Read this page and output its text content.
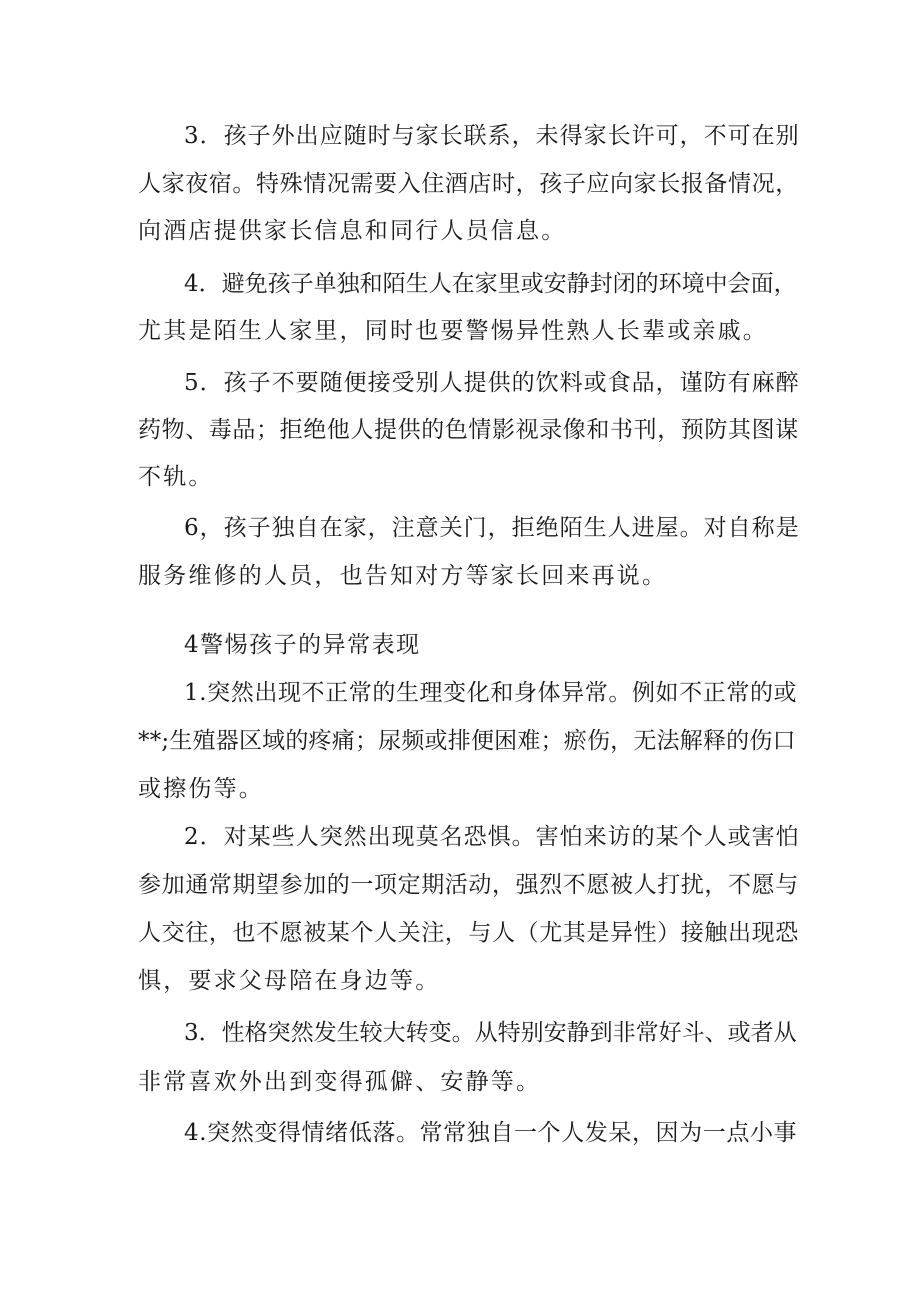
3．孩子外出应随时与家长联系，未得家长许可，不可在别
人家夜宿。特殊情况需要入住酒店时，孩子应向家长报备情况，
向酒店提供家长信息和同行人员信息。
4．避免孩子单独和陌生人在家里或安静封闭的环境中会面，
尤其是陌生人家里，同时也要警惕异性熟人长辈或亲戚。
5．孩子不要随便接受别人提供的饮料或食品，谨防有麻醉
药物、毒品；拒绝他人提供的色情影视录像和书刊，预防其图谋
不轨。
6，孩子独自在家，注意关门，拒绝陌生人进屋。对自称是
服务维修的人员，也告知对方等家长回来再说。
4警惕孩子的异常表现
1.突然出现不正常的生理变化和身体异常。例如不正常的或
**;生殖器区域的疼痛；尿频或排便困难；瘀伤，无法解释的伤口
或擦伤等。
2．对某些人突然出现莫名恐惧。害怕来访的某个人或害怕
参加通常期望参加的一项定期活动，强烈不愿被人打扰，不愿与
人交往，也不愿被某个人关注，与人（尤其是异性）接触出现恐
惧，要求父母陪在身边等。
3．性格突然发生较大转变。从特别安静到非常好斗、或者从
非常喜欢外出到变得孤僻、安静等。
4.突然变得情绪低落。常常独自一个人发呆，因为一点小事
